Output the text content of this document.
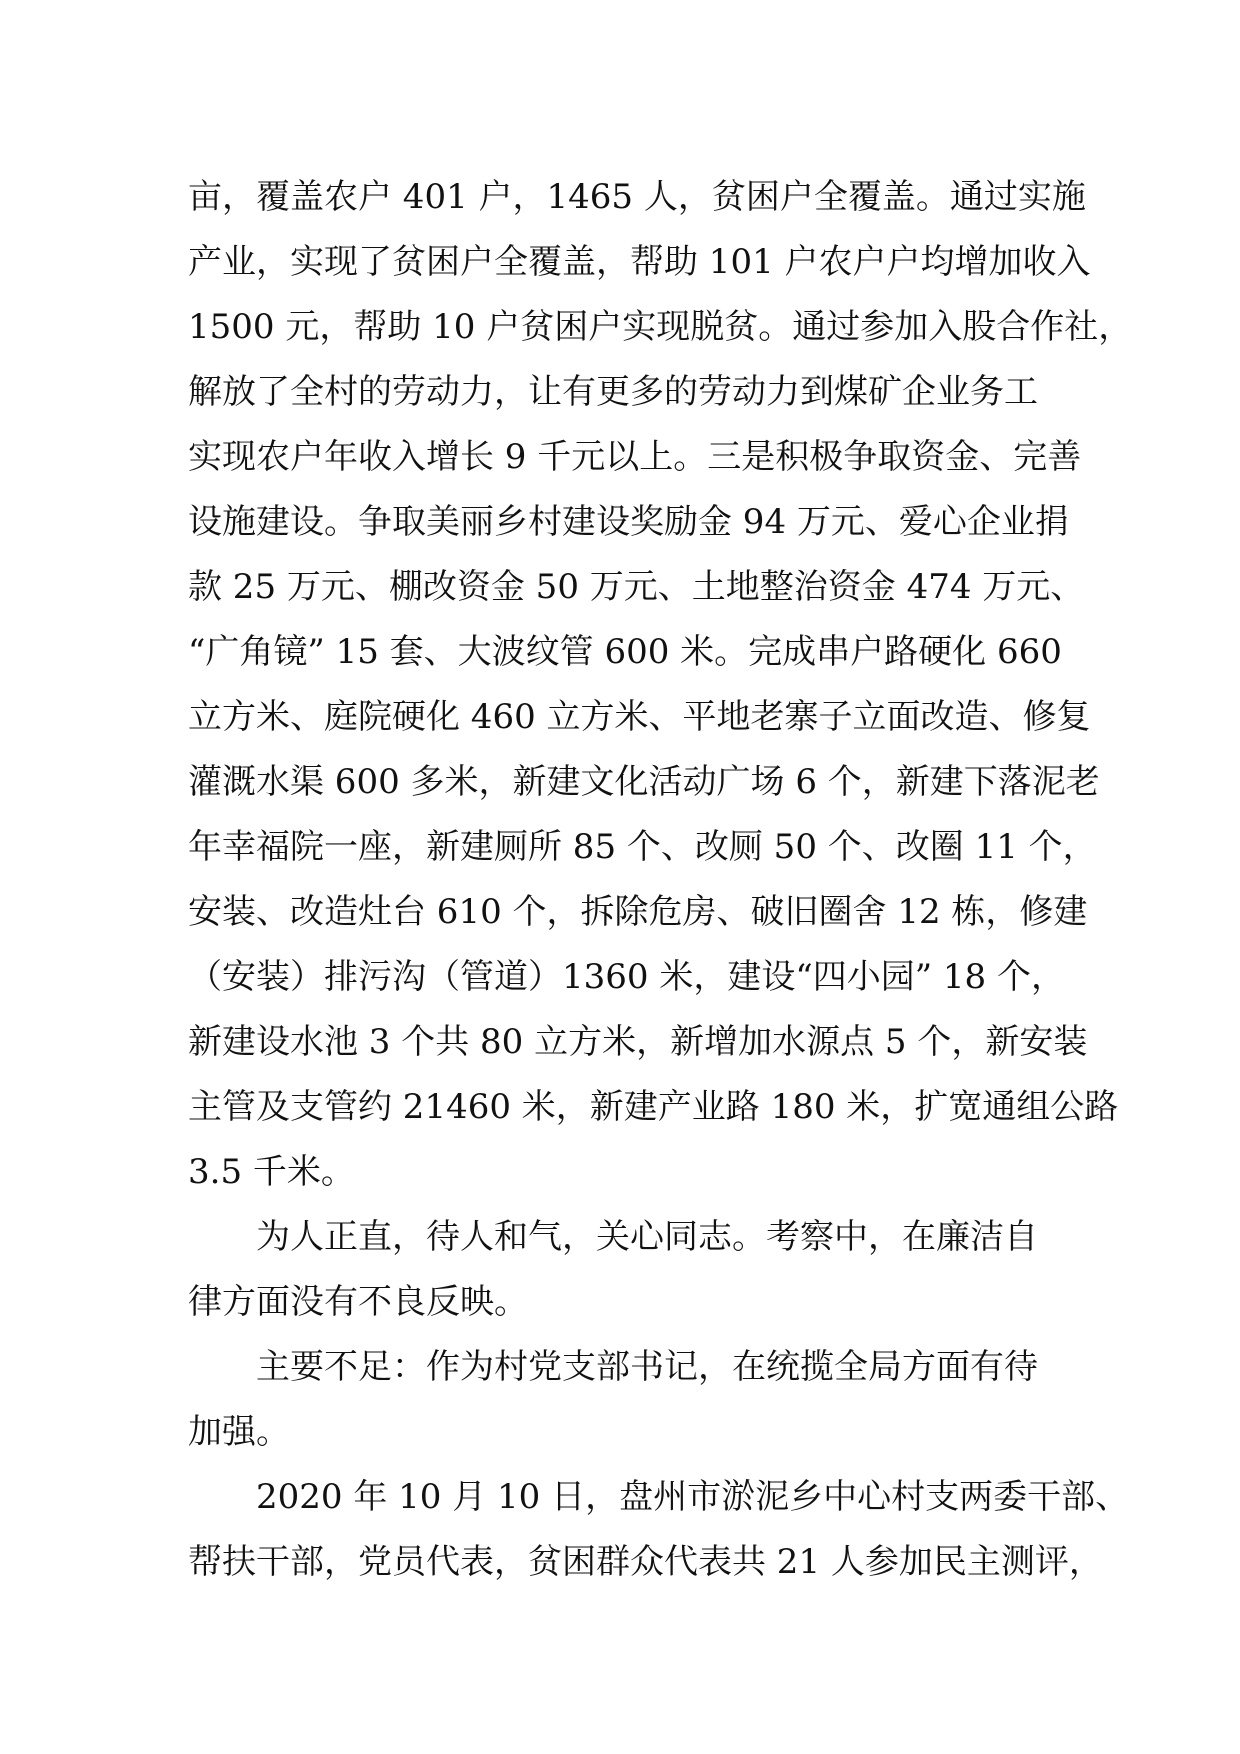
亩，覆盖农户 401 户，1465 人，贫困户全覆盖。通过实施
产业，实现了贫困户全覆盖，帮助 101 户农户户均增加收入
1500 元，帮助 10 户贫困户实现脱贫。通过参加入股合作社，
解放了全村的劳动力，让有更多的劳动力到煤矿企业务工
实现农户年收入增长 9 千元以上。三是积极争取资金、完善
设施建设。争取美丽乡村建设奖励金 94 万元、爱心企业捐
款 25 万元、棚改资金 50 万元、土地整治资金 474 万元、
“广角镜” 15 套、大波纹管 600 米。完成串户路硬化 660
立方米、庭院硬化 460 立方米、平地老寨子立面改造、修复
灌溉水渠 600 多米，新建文化活动广场 6 个，新建下落泥老
年幸福院一座，新建厕所 85 个、改厕 50 个、改圈 11 个，
安装、改造灶台 610 个，拆除危房、破旧圈舍 12 栋，修建
（安装）排污沟（管道）1360 米，建设“四小园” 18 个，
新建设水池 3 个共 80 立方米，新增加水源点 5 个，新安装
主管及支管约 21460 米，新建产业路 180 米，扩宽通组公路
3.5 千米。
为人正直，待人和气，关心同志。考察中，在廉洁自
律方面没有不良反映。
主要不足：作为村党支部书记，在统揽全局方面有待
加强。
2020 年 10 月 10 日，盘州市淤泥乡中心村支两委干部、
帮扶干部，党员代表，贫困群众代表共 21 人参加民主测评，
